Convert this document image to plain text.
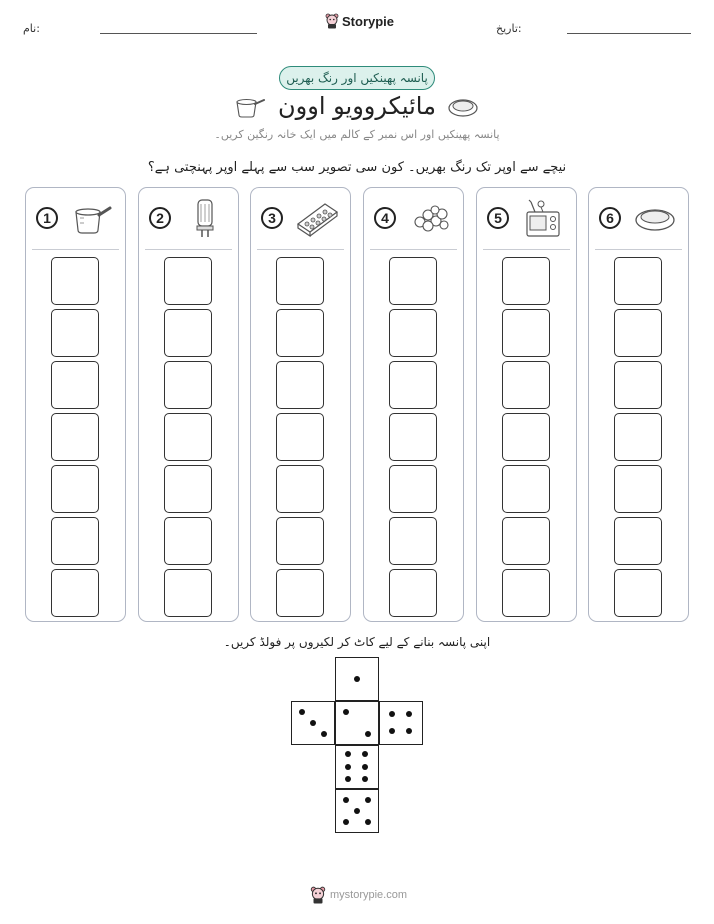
نام:	تاریخ:
Storypie
پانسہ پھینکیں اور رنگ بھریں
مائیکروویو اوون
پانسہ پھینکیں اور اس نمبر کے کالم میں ایک خانہ رنگین کریں۔
نیچے سے اوپر تک رنگ بھریں۔ کون سی تصویر سب سے پہلے اوپر پہنچتی ہے؟
1	2	3	4	5	6
اپنی پانسہ بنانے کے لیے کاٹ کر لکیروں پر فولڈ کریں۔
mystorypie.com
